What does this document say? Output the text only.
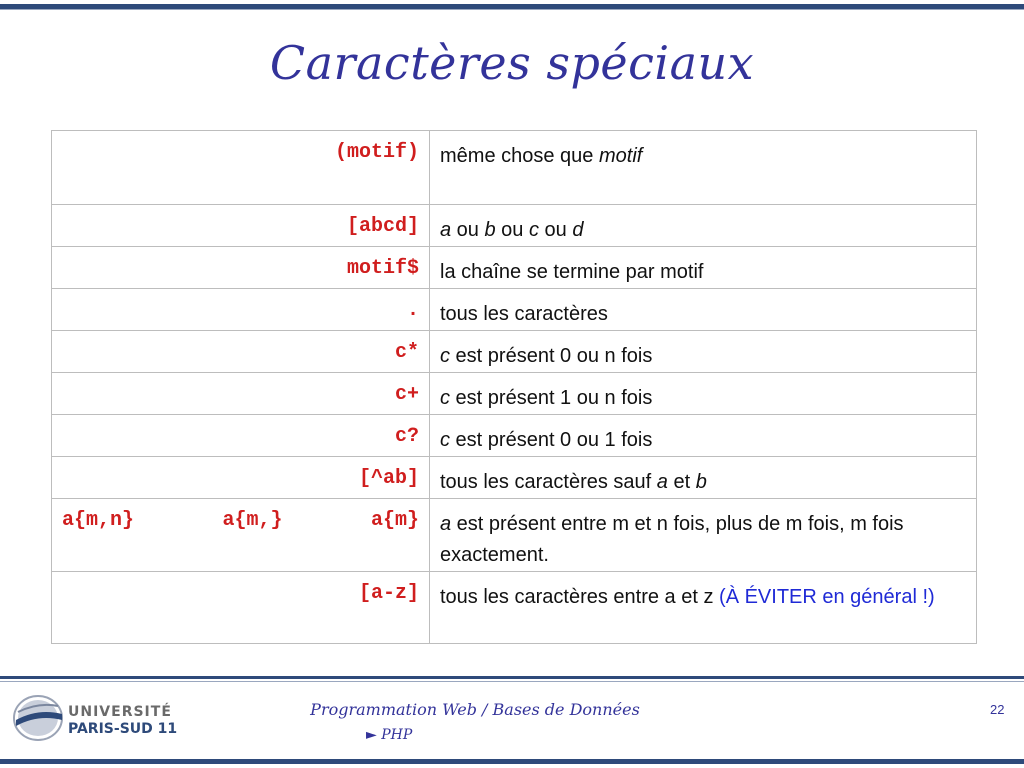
Caractères spéciaux
(motif)	même chose que motif
[abcd]	a ou b ou c ou d
motif$	la chaîne se termine par motif
.	tous les caractères
c*	c est présent 0 ou n fois
c+	c est présent 1 ou n fois
c?	c est présent 0 ou 1 fois
[^ab]	tous les caractères sauf a et b

a{m,n} a{m,} a{m}	a est présent entre m et n fois, plus de m fois, m fois exactement.
[a-z]	tous les caractères entre a et z (À ÉVITER en général !)
UNIVERSITÉ
PARIS-SUD 11
Programmation Web / Bases de Données
► PHP
22
